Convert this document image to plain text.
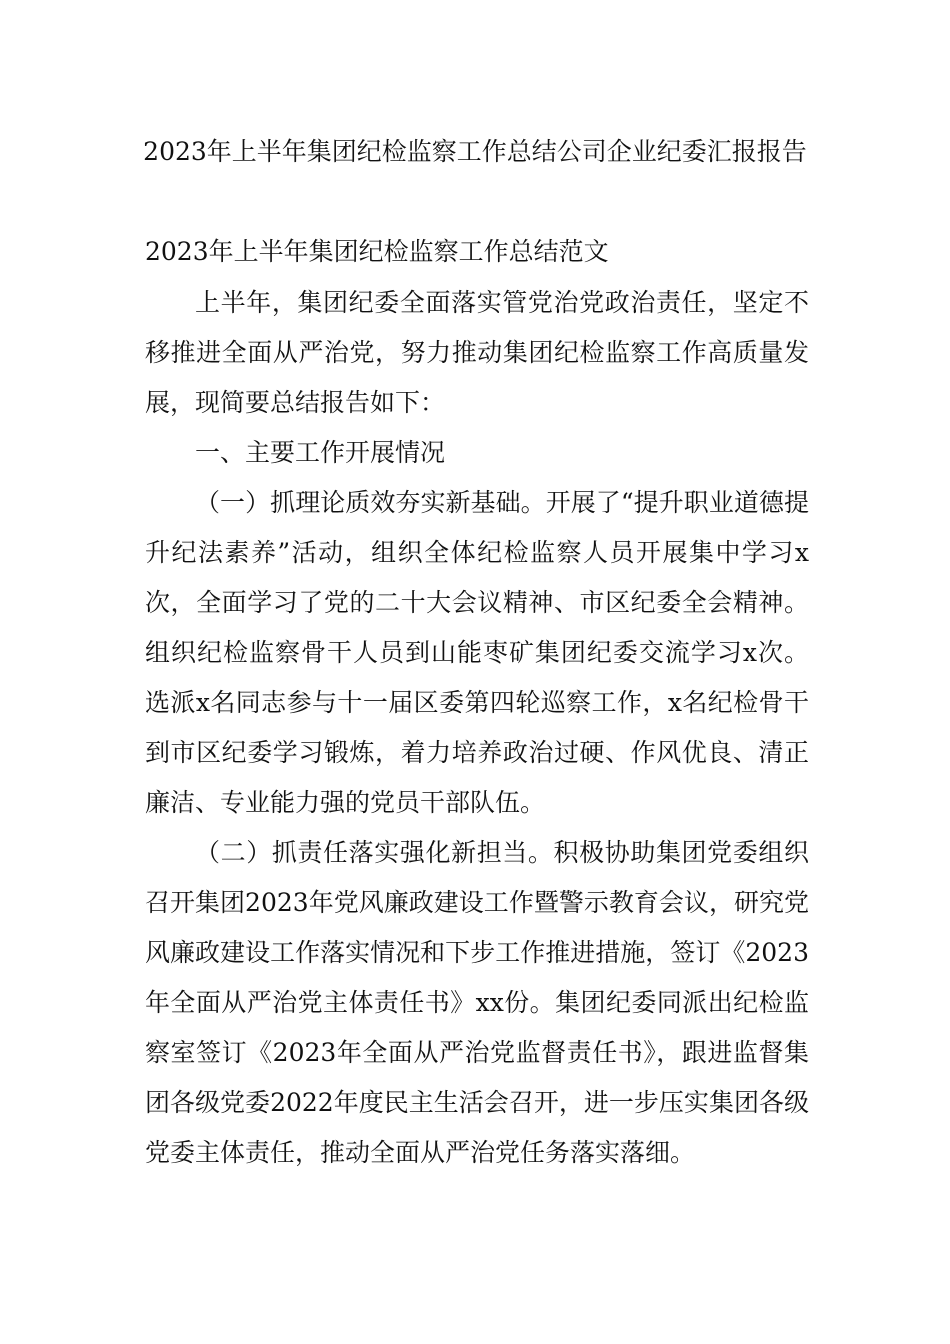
2023年上半年集团纪检监察工作总结公司企业纪委汇报报告
2023年上半年集团纪检监察工作总结范文

上半年，集团纪委全面落实管党治党政治责任，坚定不移推进全面从严治党，努力推动集团纪检监察工作高质量发展，现简要总结报告如下：

一、主要工作开展情况

（一）抓理论质效夯实新基础。开展了“提升职业道德提升纪法素养”活动，组织全体纪检监察人员开展集中学习x次，全面学习了党的二十大会议精神、市区纪委全会精神。组织纪检监察骨干人员到山能枣矿集团纪委交流学习x次。选派x名同志参与十一届区委第四轮巡察工作，x名纪检骨干到市区纪委学习锻炼，着力培养政治过硬、作风优良、清正廉洁、专业能力强的党员干部队伍。

（二）抓责任落实强化新担当。积极协助集团党委组织召开集团2023年党风廉政建设工作暨警示教育会议，研究党风廉政建设工作落实情况和下步工作推进措施，签订《2023年全面从严治党主体责任书》xx份。集团纪委同派出纪检监察室签订《2023年全面从严治党监督责任书》，跟进监督集团各级党委2022年度民主生活会召开，进一步压实集团各级党委主体责任，推动全面从严治党任务落实落细。
